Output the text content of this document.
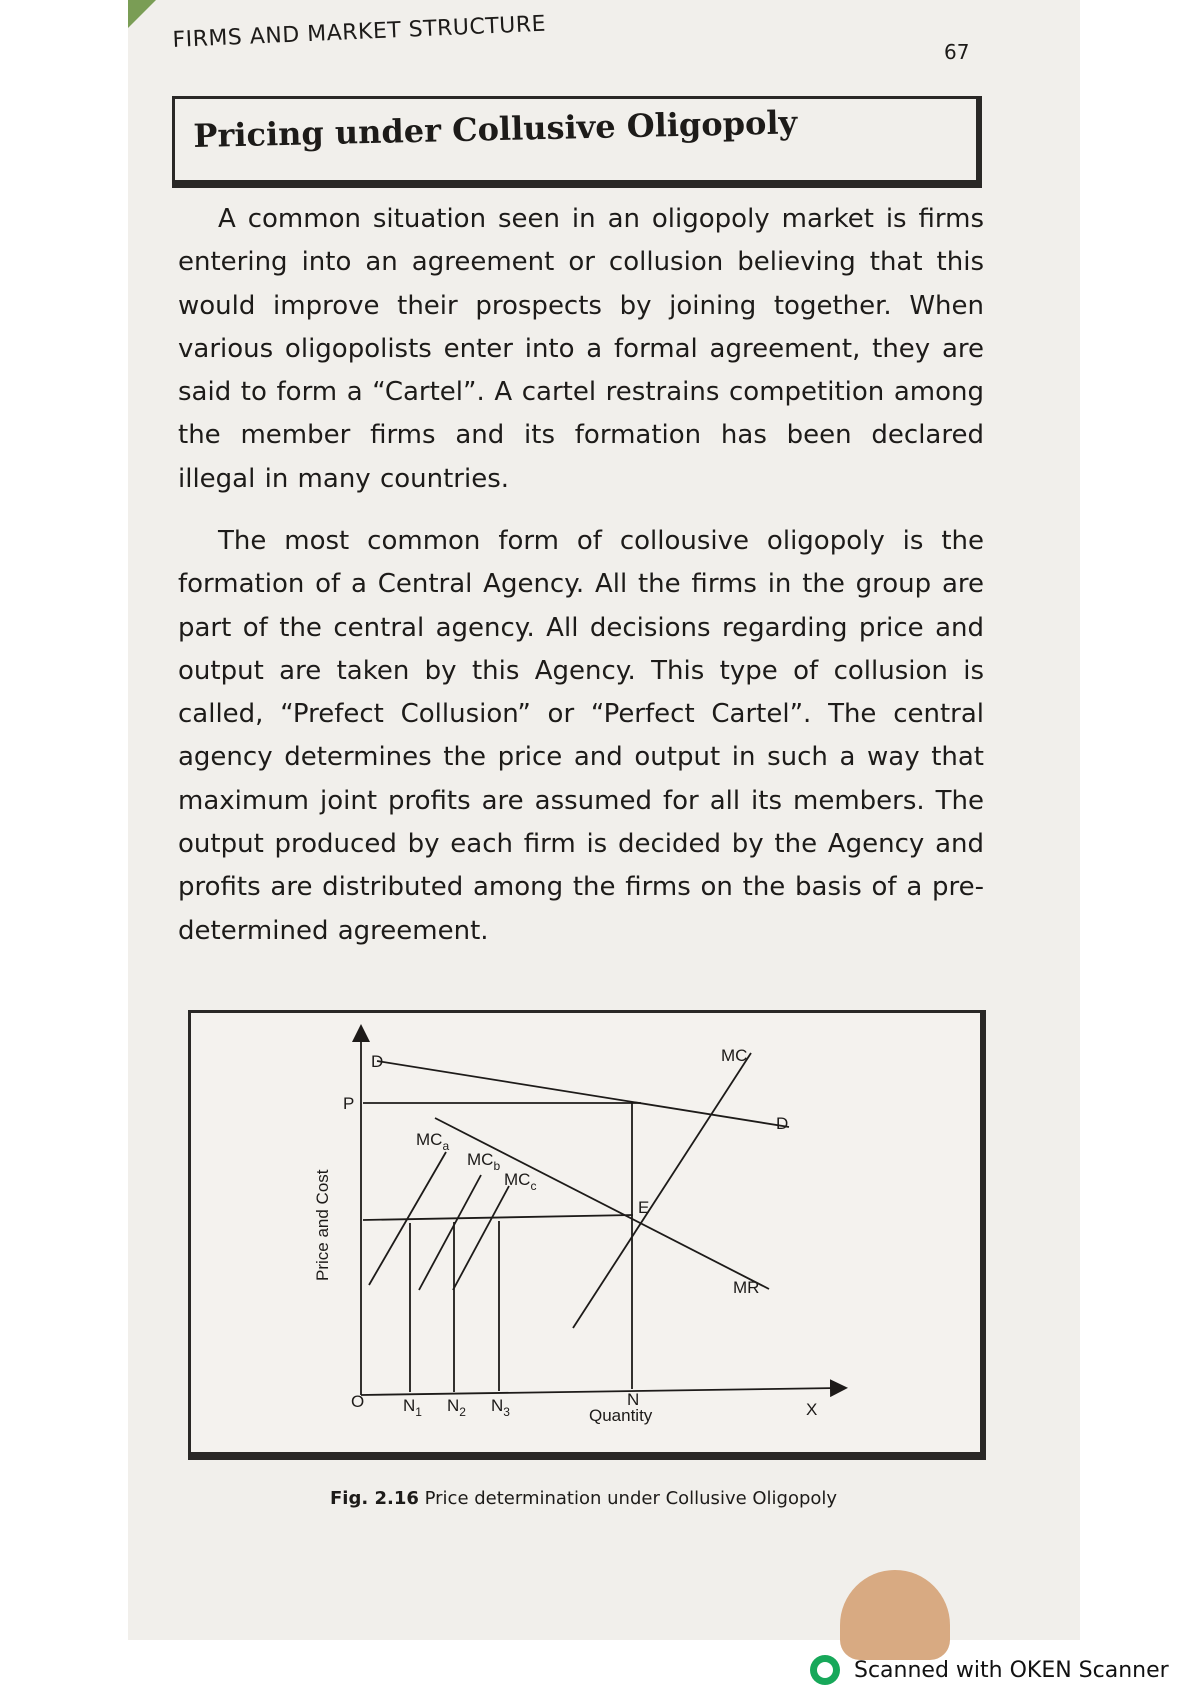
FIRMS AND MARKET STRUCTURE	67
Pricing under Collusive Oligopoly

A common situation seen in an oligopoly market is firms entering into an agreement or collusion believing that this would improve their prospects by joining together. When various oligopolists enter into a formal agreement, they are said to form a “Cartel”. A cartel restrains competition among the member firms and its formation has been declared illegal in many countries.

The most common form of collousive oligopoly is the formation of a Central Agency. All the firms in the group are part of the central agency. All decisions regarding price and output are taken by this Agency. This type of collusion is called, “Prefect Collusion” or “Perfect Cartel”. The central agency determines the price and output in such a way that maximum joint profits are assumed for all its members. The output produced by each firm is decided by the Agency and profits are distributed among the firms on the basis of a pre-determined agreement.

Price and Cost
O	X
Quantity
P
D
D
MC
MR
E
N
$MC_a$
$MC_b$
$MC_c$
$N_1$ $N_2$ $N_3$
Fig. 2.16 Price determination under Collusive Oligopoly
Scanned with OKEN Scanner
